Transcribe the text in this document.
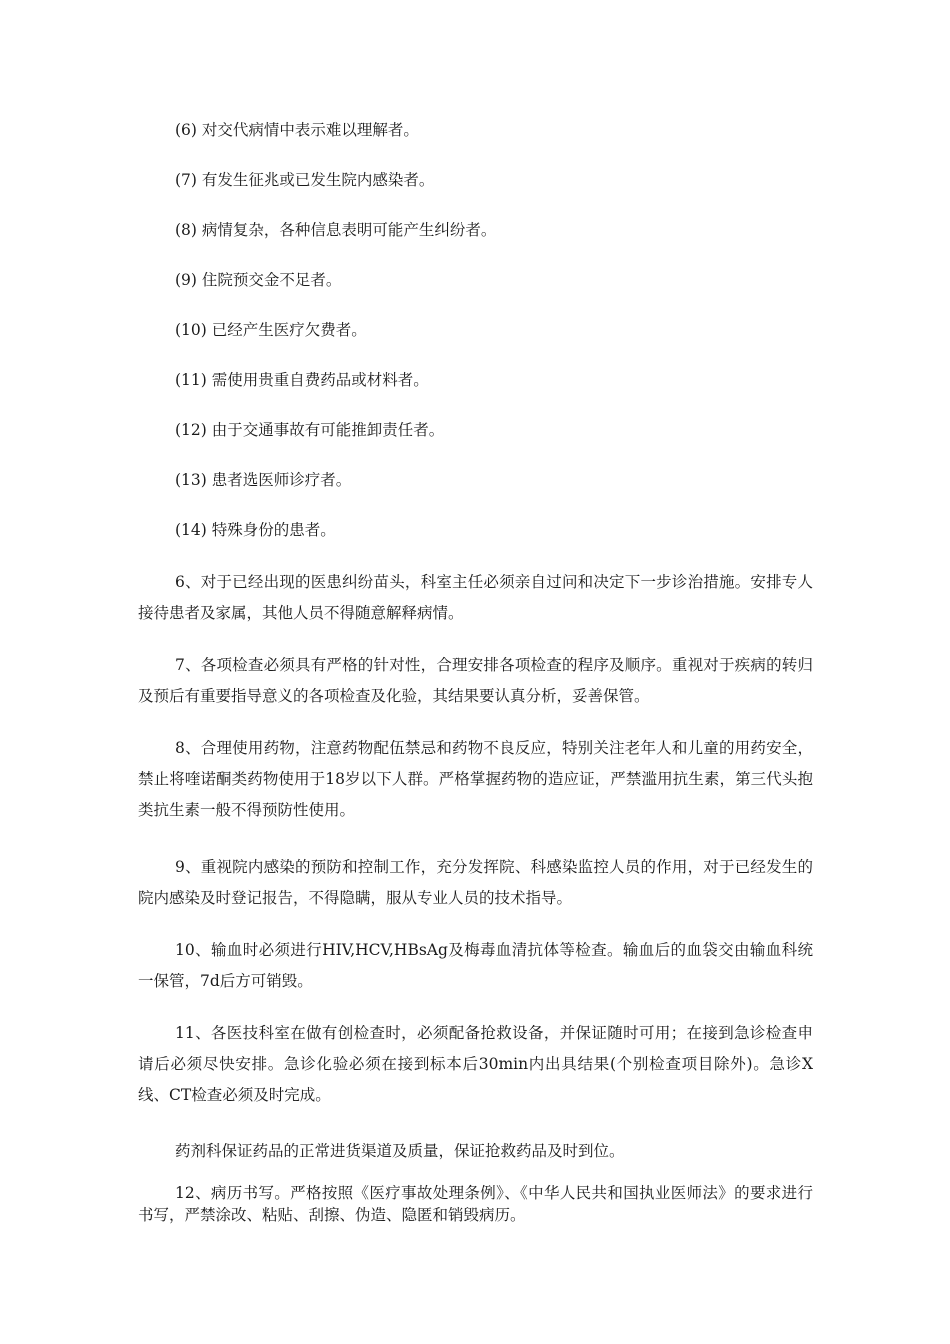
(6) 对交代病情中表示难以理解者。
(7) 有发生征兆或已发生院内感染者。
(8) 病情复杂，各种信息表明可能产生纠纷者。
(9) 住院预交金不足者。
(10) 已经产生医疗欠费者。
(11) 需使用贵重自费药品或材料者。
(12) 由于交通事故有可能推卸责任者。
(13) 患者选医师诊疗者。
(14) 特殊身份的患者。
6、对于已经出现的医患纠纷苗头，科室主任必须亲自过问和决定下一步诊治措施。安排专人接待患者及家属，其他人员不得随意解释病情。
7、各项检查必须具有严格的针对性，合理安排各项检查的程序及顺序。重视对于疾病的转归及预后有重要指导意义的各项检查及化验，其结果要认真分析，妥善保管。
8、合理使用药物，注意药物配伍禁忌和药物不良反应，特别关注老年人和儿童的用药安全，禁止将喹诺酮类药物使用于18岁以下人群。严格掌握药物的造应证，严禁滥用抗生素，第三代头抱类抗生素一般不得预防性使用。
9、重视院内感染的预防和控制工作，充分发挥院、科感染监控人员的作用，对于已经发生的院内感染及时登记报告，不得隐瞒，服从专业人员的技术指导。
10、输血时必须进行HIV,HCV,HBsAg及梅毒血清抗体等检查。输血后的血袋交由输血科统一保管，7d后方可销毁。
11、各医技科室在做有创检查时，必须配备抢救设备，并保证随时可用；在接到急诊检查申请后必须尽快安排。急诊化验必须在接到标本后30min内出具结果(个别检查项目除外)。急诊X线、CT检查必须及时完成。
药剂科保证药品的正常进货渠道及质量，保证抢救药品及时到位。
12、病历书写。严格按照《医疗事故处理条例》、《中华人民共和国执业医师法》的要求进行书写，严禁涂改、粘贴、刮擦、伪造、隐匿和销毁病历。
